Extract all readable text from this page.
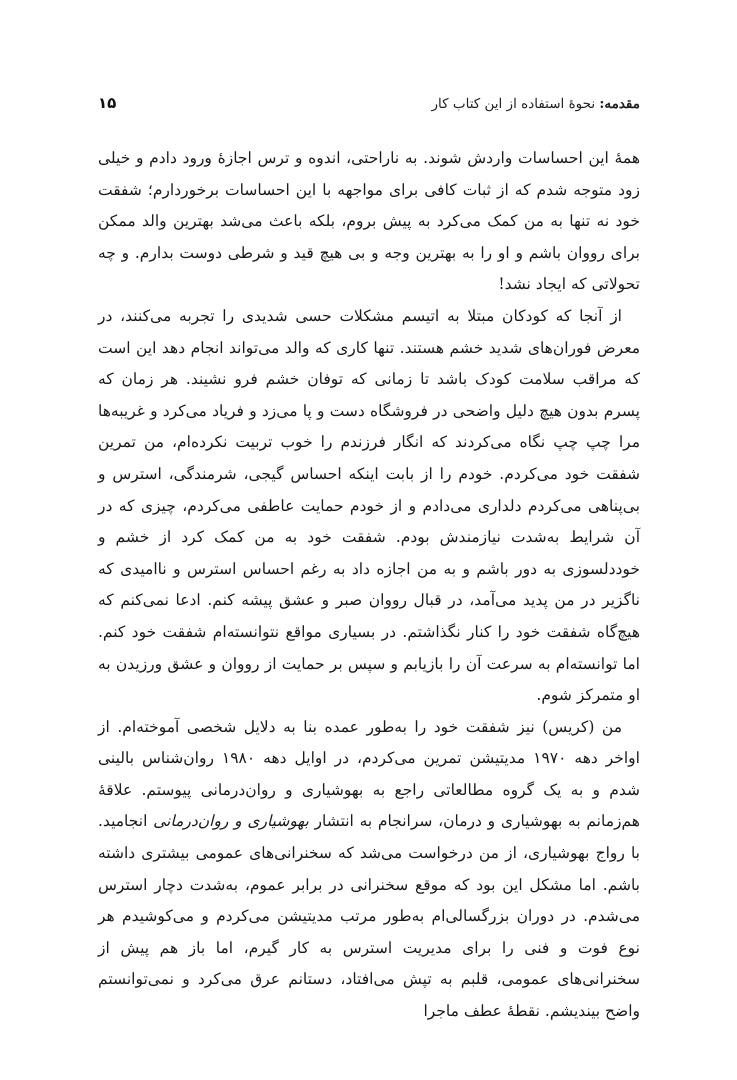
مقدمه: نحوهٔ استفاده از این کتاب کار
۱۵

همهٔ این احساسات واردش شوند. به ناراحتی، اندوه و ترس اجازهٔ ورود دادم و خیلی زود متوجه شدم که از ثبات کافی برای مواجهه با این احساسات برخوردارم؛ شفقت خود نه تنها به من کمک می‌کرد به پیش بروم، بلکه باعث می‌شد بهترین والد ممکن برای رووان باشم و او را به بهترین وجه و بی هیچ قید و شرطی دوست بدارم. و چه تحولاتی که ایجاد نشد!

از آنجا که کودکان مبتلا به اتیسم مشکلات حسی شدیدی را تجربه می‌کنند، در معرض فوران‌های شدید خشم هستند. تنها کاری که والد می‌تواند انجام دهد این است که مراقب سلامت کودک باشد تا زمانی که توفان خشم فرو نشیند. هر زمان که پسرم بدون هیچ دلیل واضحی در فروشگاه دست و پا می‌زد و فریاد می‌کرد و غریبه‌ها مرا چپ چپ نگاه می‌کردند که انگار فرزندم را خوب تربیت نکرده‌ام، من تمرین شفقت خود می‌کردم. خودم را از بابت اینکه احساس گیجی، شرمندگی، استرس و بی‌پناهی می‌کردم دلداری می‌دادم و از خودم حمایت عاطفی می‌کردم، چیزی که در آن شرایط به‌شدت نیازمندش بودم. شفقت خود به من کمک کرد از خشم و خوددلسوزی به دور باشم و به من اجازه داد به رغم احساس استرس و ناامیدی که ناگزیر در من پدید می‌آمد، در قبال رووان صبر و عشق پیشه کنم. ادعا نمی‌کنم که هیچ‌گاه شفقت خود را کنار نگذاشتم. در بسیاری مواقع نتوانسته‌ام شفقت خود کنم. اما توانسته‌ام به سرعت آن را بازیابم و سپس بر حمایت از رووان و عشق ورزیدن به او متمرکز شوم.

من (کریس) نیز شفقت خود را به‌طور عمده بنا به دلایل شخصی آموخته‌ام. از اواخر دهه ۱۹۷۰ مدیتیشن تمرین می‌کردم، در اوایل دهه ۱۹۸۰ روان‌شناس بالینی شدم و به یک گروه مطالعاتی راجع به بهوشیاری و روان‌درمانی پیوستم. علاقهٔ هم‌زمانم به بهوشیاری و درمان، سرانجام به انتشار بهوشیاری و روان‌درمانی انجامید. با رواج بهوشیاری، از من درخواست می‌شد که سخنرانی‌های عمومی بیشتری داشته باشم. اما مشکل این بود که موقع سخنرانی در برابر عموم، به‌شدت دچار استرس می‌شدم. در دوران بزرگسالی‌ام به‌طور مرتب مدیتیشن می‌کردم و می‌کوشیدم هر نوع فوت و فنی را برای مدیریت استرس به کار گیرم، اما باز هم پیش از سخنرانی‌های عمومی، قلبم به تپش می‌افتاد، دستانم عرق می‌کرد و نمی‌توانستم واضح بیندیشم. نقطهٔ عطف ماجرا
